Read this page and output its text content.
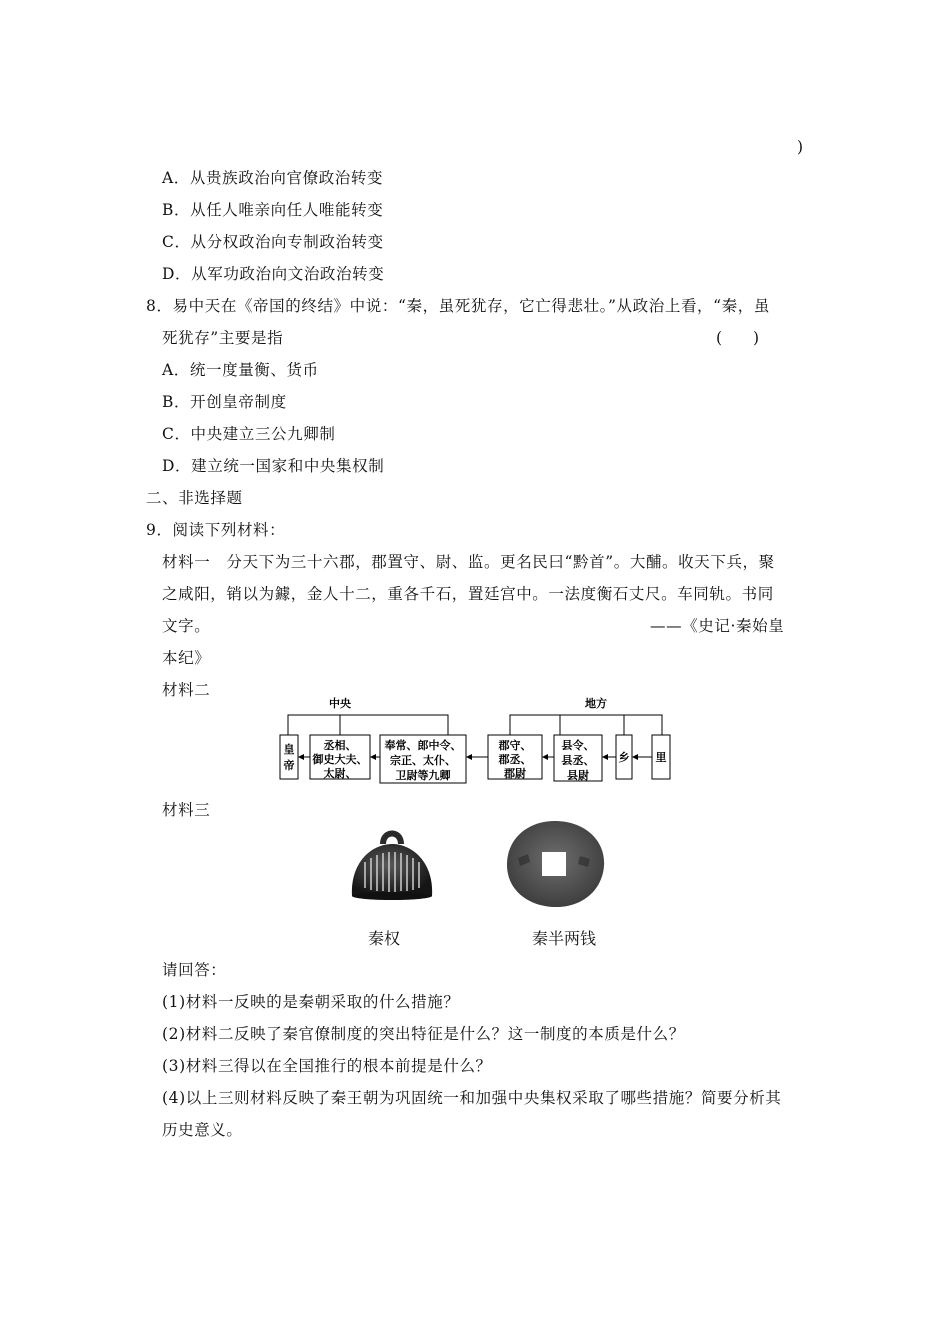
)
A．从贵族政治向官僚政治转变
B．从任人唯亲向任人唯能转变
C．从分权政治向专制政治转变
D．从军功政治向文治政治转变
8．易中天在《帝国的终结》中说：“秦，虽死犹存，它亡得悲壮。”从政治上看，“秦，虽
死犹存”主要是指	(　　)
A．统一度量衡、货币
B．开创皇帝制度
C．中央建立三公九卿制
D．建立统一国家和中央集权制
二、非选择题
9．阅读下列材料：
材料一　分天下为三十六郡，郡置守、尉、监。更名民曰“黔首”。大酺。收天下兵，聚
之咸阳，销以为鐻，金人十二，重各千石，置廷宫中。一法度衡石丈尺。车同轨。书同
文字。	——《史记·秦始皇
本纪》
材料二
中央	地方
皇
帝
丞相、
御史大夫、
太尉、
奉常、郎中令、
宗正、太仆、
卫尉等九卿
郡守、
郡丞、
郡尉
县令、
县丞、
县尉
乡 里
材料三
秦权	秦半两钱
请回答：
(1)材料一反映的是秦朝采取的什么措施？
(2)材料二反映了秦官僚制度的突出特征是什么？这一制度的本质是什么？
(3)材料三得以在全国推行的根本前提是什么？
(4)以上三则材料反映了秦王朝为巩固统一和加强中央集权采取了哪些措施？简要分析其
历史意义。
